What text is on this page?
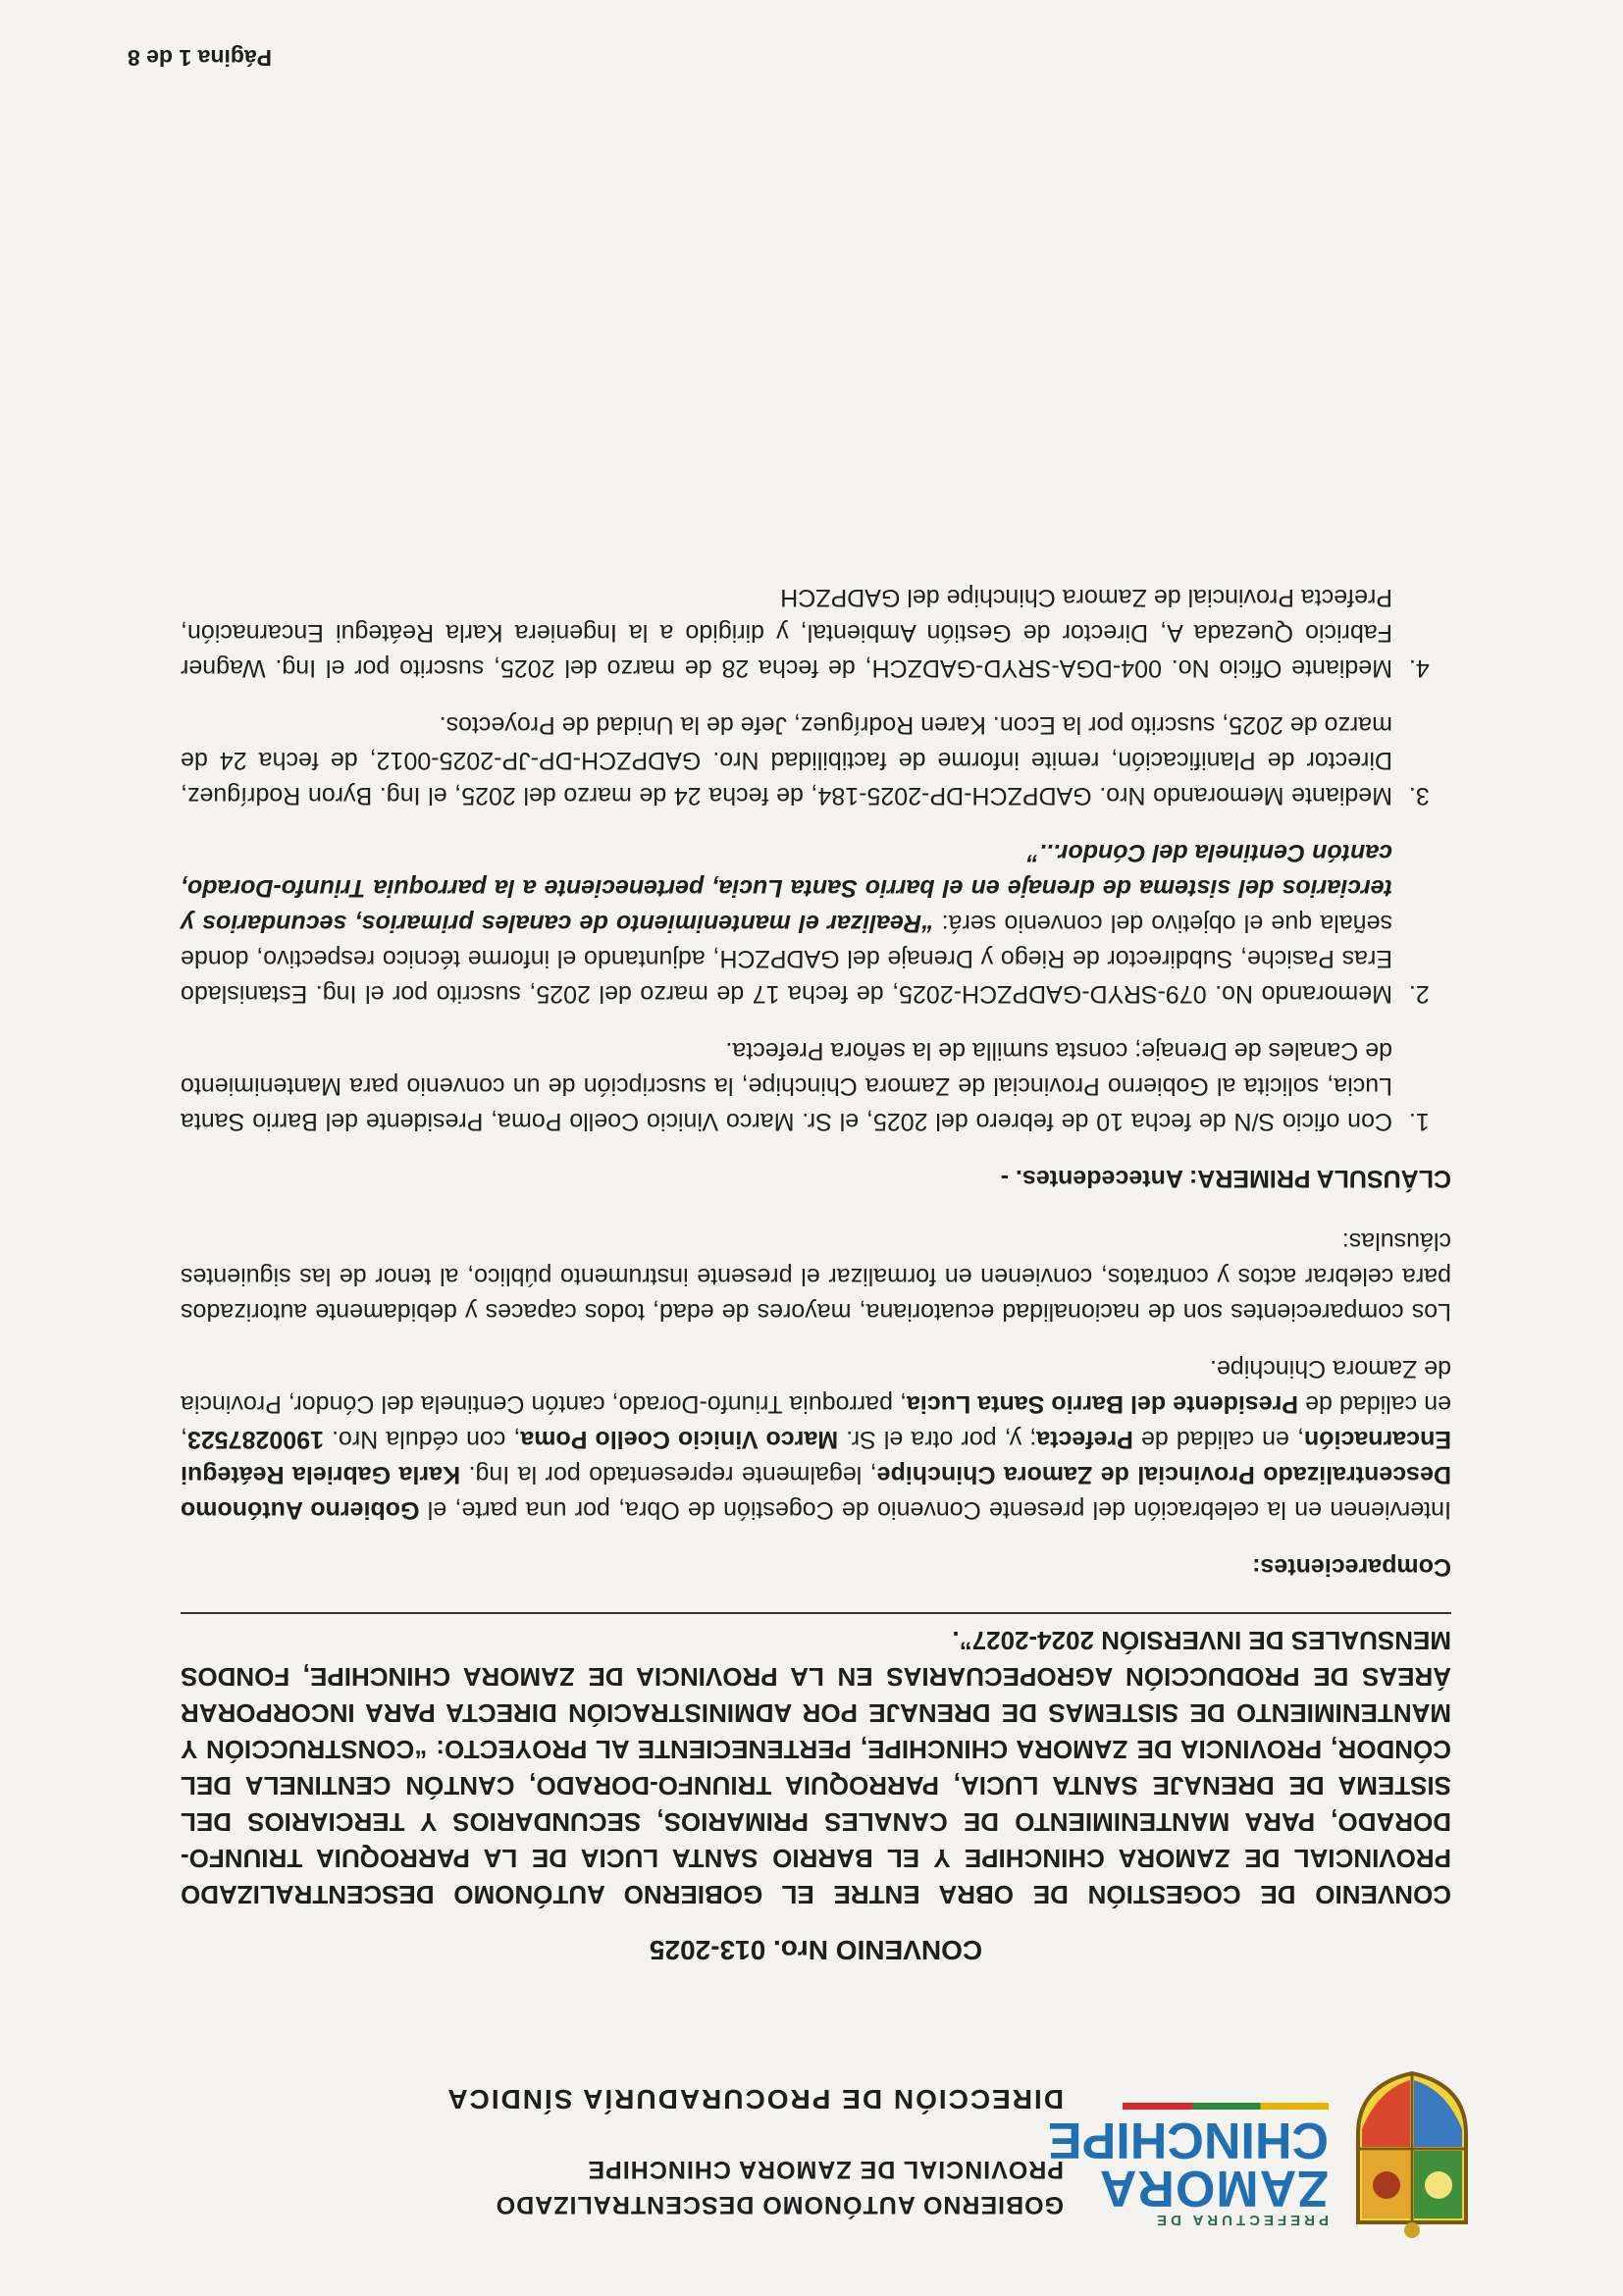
PREFECTURA DE
ZAMORA
CHINCHIPE
GOBIERNO AUTÓNOMO DESCENTRALIZADO
PROVINCIAL DE ZAMORA CHINCHIPE
DIRECCIÓN DE PROCURADURÍA SÍNDICA
CONVENIO Nro. 013-2025
CONVENIO DE COGESTIÓN DE OBRA ENTRE EL GOBIERNO AUTÓNOMO DESCENTRALIZADO PROVINCIAL DE ZAMORA CHINCHIPE Y EL BARRIO SANTA LUCIA DE LA PARROQUIA TRIUNFO-DORADO, PARA MANTENIMIENTO DE CANALES PRIMARIOS, SECUNDARIOS Y TERCIARIOS DEL SISTEMA DE DRENAJE SANTA LUCIA, PARROQUIA TRIUNFO-DORADO, CANTÓN CENTINELA DEL CÓNDOR, PROVINCIA DE ZAMORA CHINCHIPE, PERTENECIENTE AL PROYECTO: “CONSTRUCCIÓN Y MANTENIMIENTO DE SISTEMAS DE DRENAJE POR ADMINISTRACIÓN DIRECTA PARA INCORPORAR ÁREAS DE PRODUCCIÓN AGROPECUARIAS EN LA PROVINCIA DE ZAMORA CHINCHIPE, FONDOS MENSUALES DE INVERSIÓN 2024-2027”.
Comparecientes:

Intervienen en la celebración del presente Convenio de Cogestión de Obra, por una parte, el Gobierno Autónomo Descentralizado Provincial de Zamora Chinchipe, legalmente representado por la Ing. Karla Gabriela Reátegui Encarnación, en calidad de Prefecta; y, por otra el Sr. Marco Vinicio Coello Poma, con cédula Nro. 1900287523, en calidad de Presidente del Barrio Santa Lucia, parroquia Triunfo-Dorado, cantón Centinela del Cóndor, Provincia de Zamora Chinchipe.

Los comparecientes son de nacionalidad ecuatoriana, mayores de edad, todos capaces y debidamente autorizados para celebrar actos y contratos, convienen en formalizar el presente instrumento público, al tenor de las siguientes cláusulas:

CLÁUSULA PRIMERA: Antecedentes. -
1. Con oficio S/N de fecha 10 de febrero del 2025, el Sr. Marco Vinicio Coello Poma, Presidente del Barrio Santa Lucia, solicita al Gobierno Provincial de Zamora Chinchipe, la suscripción de un convenio para Mantenimiento de Canales de Drenaje; consta sumilla de la señora Prefecta.
2. Memorando No. 079-SRYD-GADPZCH-2025, de fecha 17 de marzo del 2025, suscrito por el Ing. Estanislado Eras Pasiche, Subdirector de Riego y Drenaje del GADPZCH, adjuntando el informe técnico respectivo, donde señala que el objetivo del convenio será: “Realizar el mantenimiento de canales primarios, secundarios y terciarios del sistema de drenaje en el barrio Santa Lucia, perteneciente a la parroquia Triunfo-Dorado, cantón Centinela del Cóndor...”
3. Mediante Memorando Nro. GADPZCH-DP-2025-184, de fecha 24 de marzo del 2025, el Ing. Byron Rodríguez, Director de Planificación, remite informe de factibilidad Nro. GADPZCH-DP-JP-2025-0012, de fecha 24 de marzo de 2025, suscrito por la Econ. Karen Rodríguez, Jefe de la Unidad de Proyectos.
4. Mediante Oficio No. 004-DGA-SRYD-GADZCH, de fecha 28 de marzo del 2025, suscrito por el Ing. Wagner Fabricio Quezada A, Director de Gestión Ambiental, y dirigido a la Ingeniera Karla Reátegui Encarnación, Prefecta Provincial de Zamora Chinchipe del GADPZCH
Página 1 de 8
